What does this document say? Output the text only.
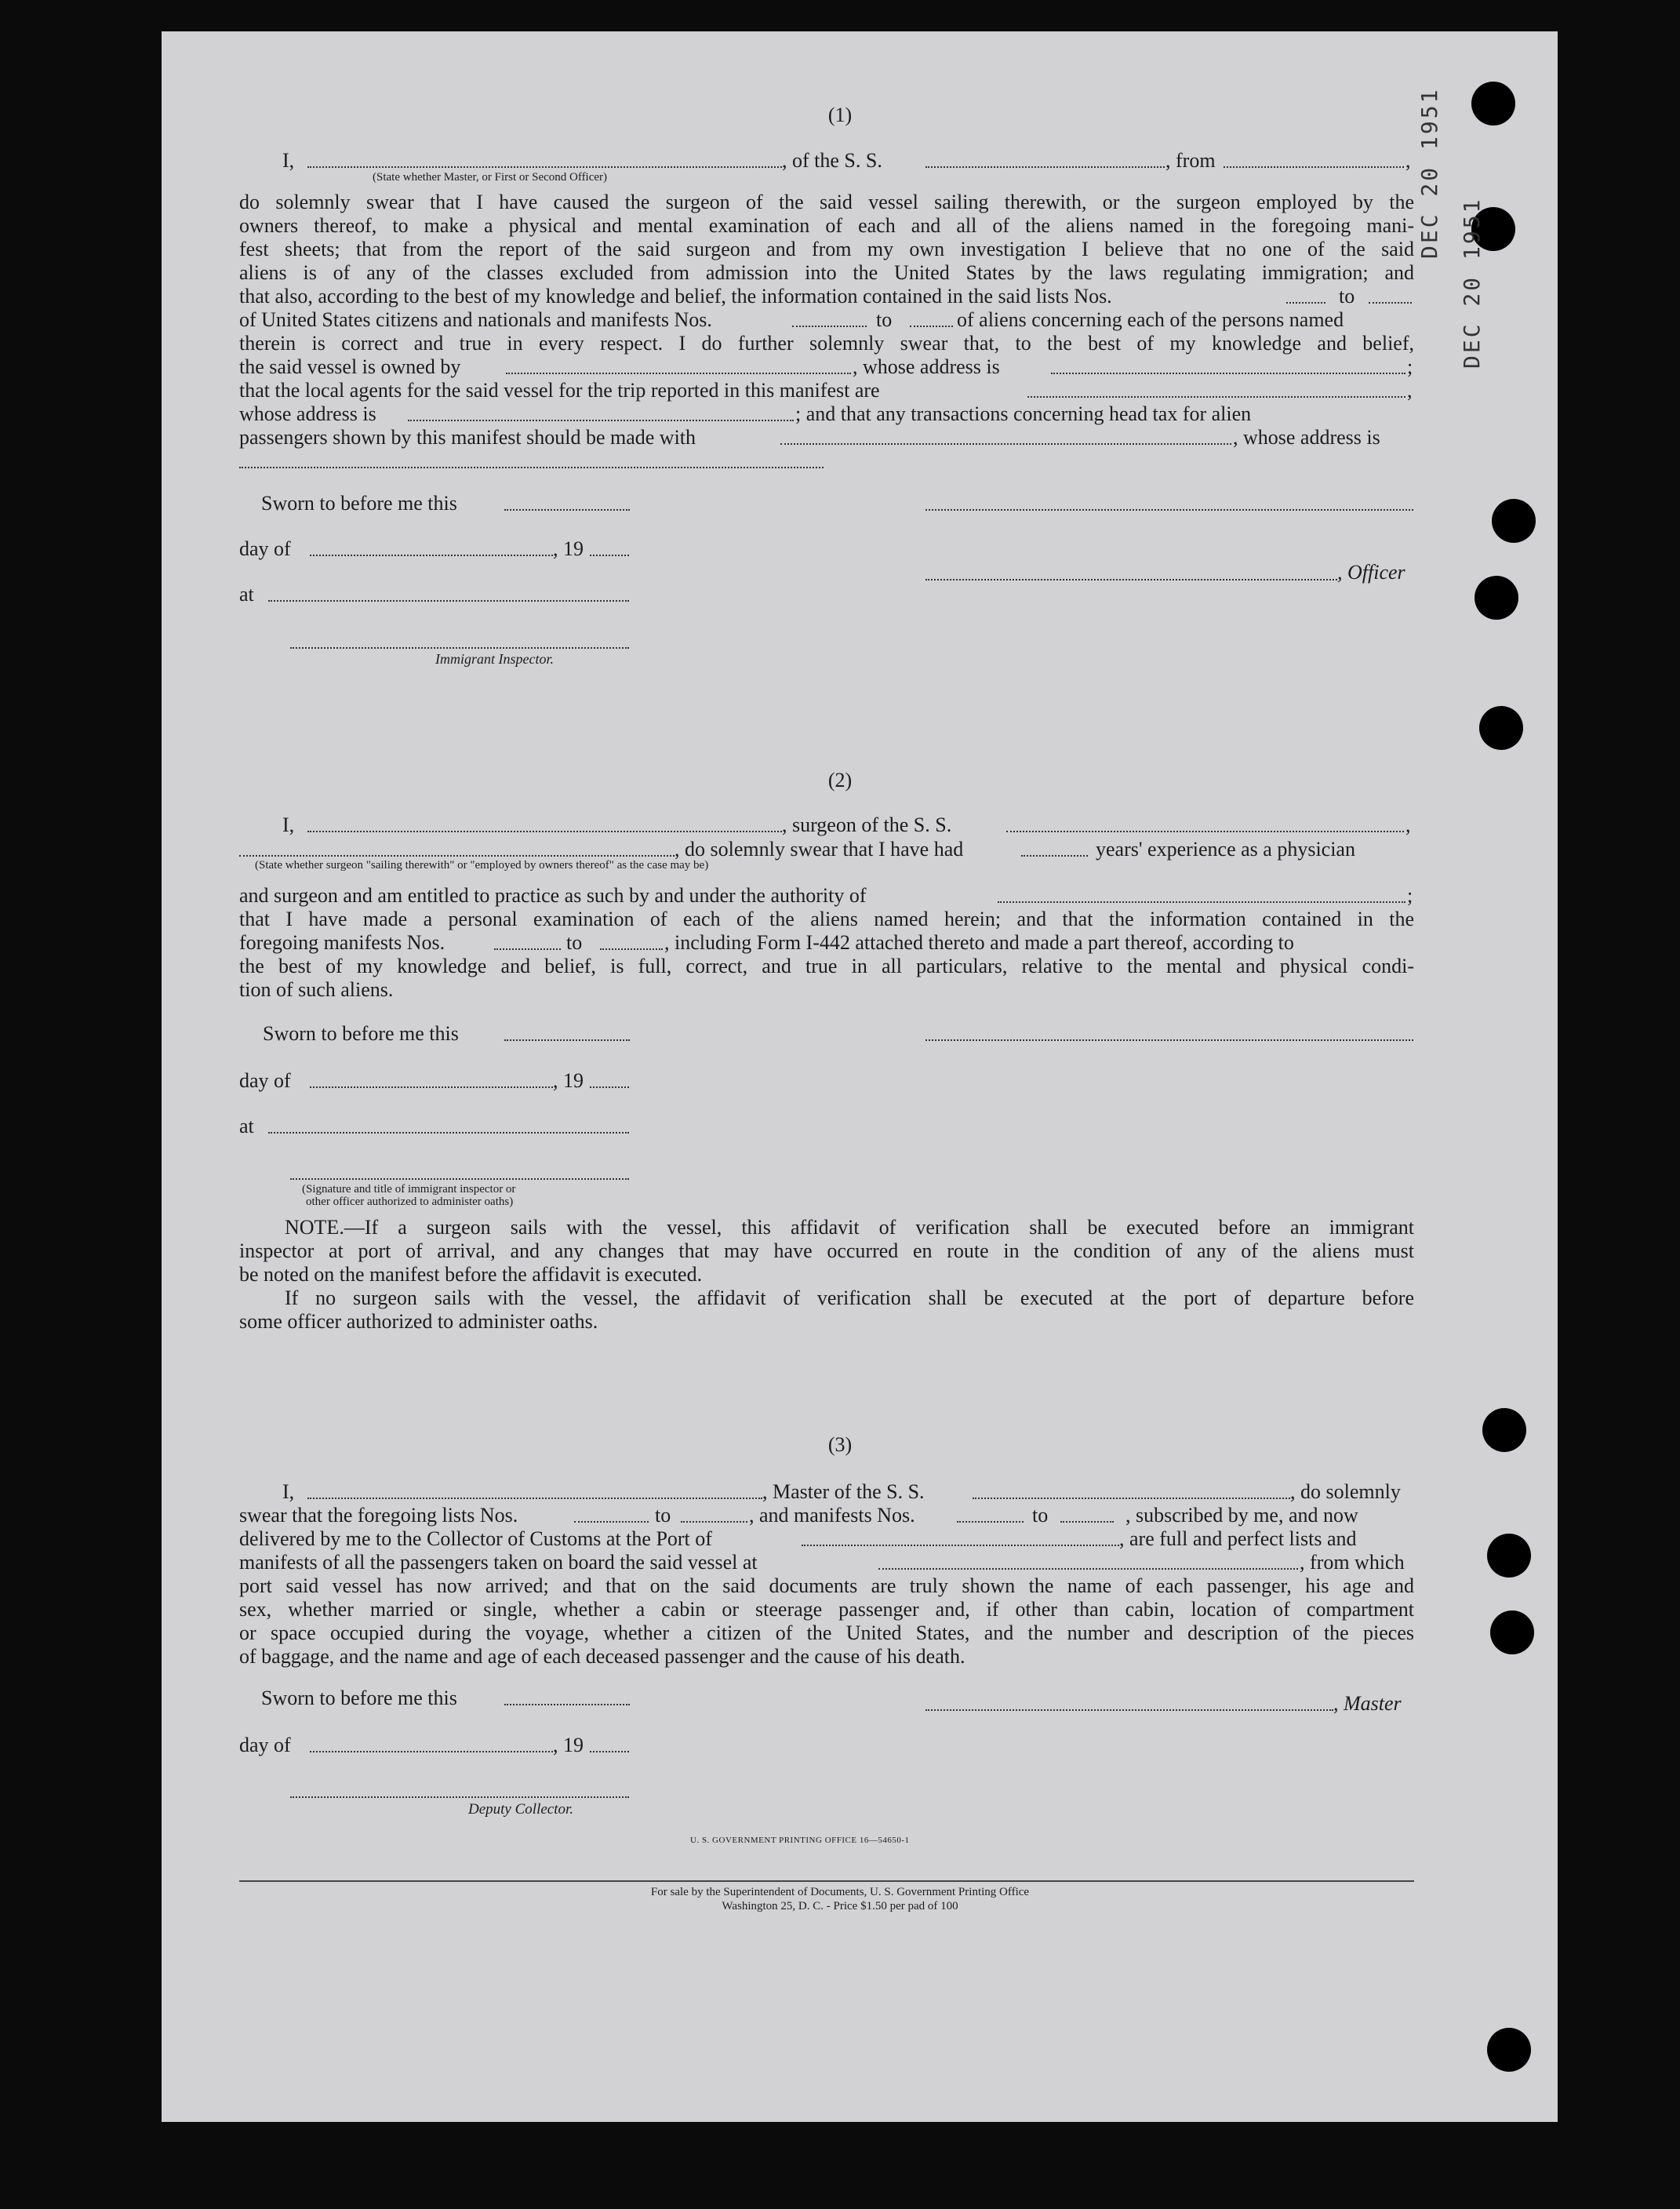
DEC 20 1951
DEC 20 1951
(1)
I,	, of the S. S.	, from	,
(State whether Master, or First or Second Officer)
do solemnly swear that I have caused the surgeon of the said vessel sailing therewith, or the surgeon employed by the
owners thereof, to make a physical and mental examination of each and all of the aliens named in the foregoing mani-
fest sheets; that from the report of the said surgeon and from my own investigation I believe that no one of the said
aliens is of any of the classes excluded from admission into the United States by the laws regulating immigration; and
that also, according to the best of my knowledge and belief, the information contained in the said lists Nos.	to
of United States citizens and nationals and manifests Nos.	to	of aliens concerning each of the persons named
therein is correct and true in every respect. I do further solemnly swear that, to the best of my knowledge and belief,
the said vessel is owned by	, whose address is	;
that the local agents for the said vessel for the trip reported in this manifest are	,
whose address is	; and that any transactions concerning head tax for alien
passengers shown by this manifest should be made with	, whose address is
Sworn to before me this
day of	, 19
, Officer
at
Immigrant Inspector.
(2)
I,	, surgeon of the S. S.	,
, do solemnly swear that I have had	years' experience as a physician
(State whether surgeon "sailing therewith" or "employed by owners thereof" as the case may be)
and surgeon and am entitled to practice as such by and under the authority of	;
that I have made a personal examination of each of the aliens named herein; and that the information contained in the
foregoing manifests Nos.	to	, including Form I-442 attached thereto and made a part thereof, according to
the best of my knowledge and belief, is full, correct, and true in all particulars, relative to the mental and physical condi-
tion of such aliens.
Sworn to before me this
day of	, 19
at
(Signature and title of immigrant inspector or
other officer authorized to administer oaths)
NOTE.—If a surgeon sails with the vessel, this affidavit of verification shall be executed before an immigrant
inspector at port of arrival, and any changes that may have occurred en route in the condition of any of the aliens must
be noted on the manifest before the affidavit is executed.
If no surgeon sails with the vessel, the affidavit of verification shall be executed at the port of departure before
some officer authorized to administer oaths.
(3)
I,	, Master of the S. S.	, do solemnly
swear that the foregoing lists Nos.	to	, and manifests Nos.	to	, subscribed by me, and now
delivered by me to the Collector of Customs at the Port of	, are full and perfect lists and
manifests of all the passengers taken on board the said vessel at	, from which
port said vessel has now arrived; and that on the said documents are truly shown the name of each passenger, his age and
sex, whether married or single, whether a cabin or steerage passenger and, if other than cabin, location of compartment
or space occupied during the voyage, whether a citizen of the United States, and the number and description of the pieces
of baggage, and the name and age of each deceased passenger and the cause of his death.
Sworn to before me this	, Master
day of	, 19
Deputy Collector.
U. S. GOVERNMENT PRINTING OFFICE 16—54650-1
For sale by the Superintendent of Documents, U. S. Government Printing Office
Washington 25, D. C. - Price $1.50 per pad of 100
